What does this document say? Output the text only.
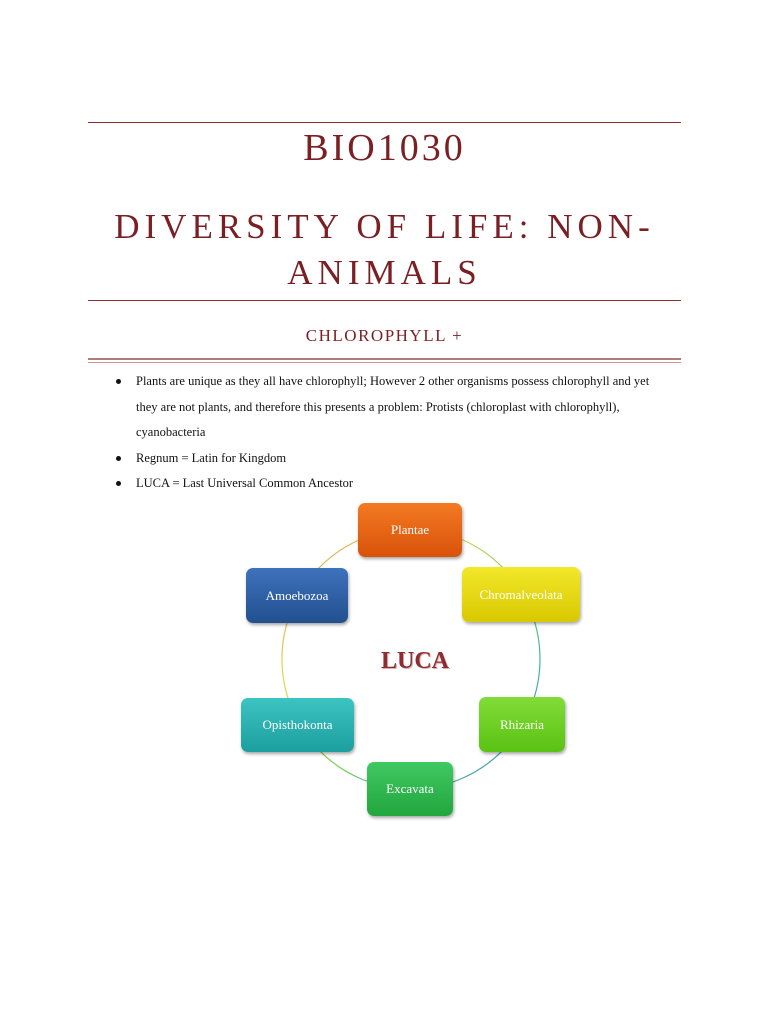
BIO1030
DIVERSITY OF LIFE: NON-ANIMALS
CHLOROPHYLL +
Plants are unique as they all have chlorophyll; However 2 other organisms possess chlorophyll and yet they are not plants, and therefore this presents a problem: Protists (chloroplast with chlorophyll), cyanobacteria
Regnum = Latin for Kingdom
LUCA = Last Universal Common Ancestor
Plantae
Chromalveolata
Rhizaria
Excavata
Opisthokonta
Amoebozoa
LUCA
